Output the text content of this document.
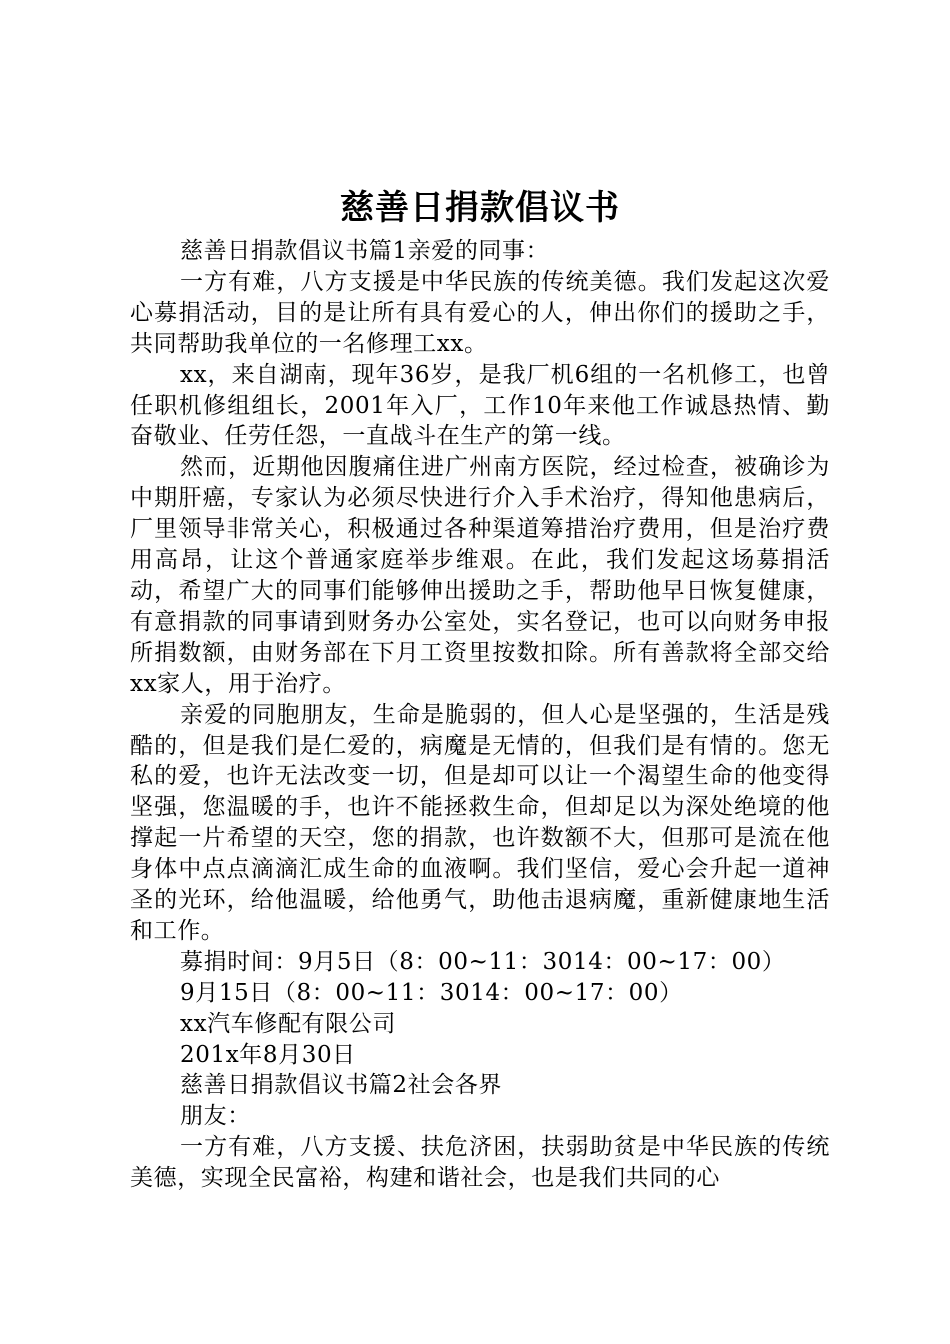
慈善日捐款倡议书

慈善日捐款倡议书篇1亲爱的同事：

一方有难，八方支援是中华民族的传统美德。我们发起这次爱心募捐活动，目的是让所有具有爱心的人，伸出你们的援助之手，共同帮助我单位的一名修理工xx。

xx，来自湖南，现年36岁，是我厂机6组的一名机修工，也曾任职机修组组长，2001年入厂，工作10年来他工作诚恳热情、勤奋敬业、任劳任怨，一直战斗在生产的第一线。

然而，近期他因腹痛住进广州南方医院，经过检查，被确诊为中期肝癌，专家认为必须尽快进行介入手术治疗，得知他患病后，厂里领导非常关心，积极通过各种渠道筹措治疗费用，但是治疗费用高昂，让这个普通家庭举步维艰。在此，我们发起这场募捐活动，希望广大的同事们能够伸出援助之手，帮助他早日恢复健康，有意捐款的同事请到财务办公室处，实名登记，也可以向财务申报所捐数额，由财务部在下月工资里按数扣除。所有善款将全部交给xx家人，用于治疗。

亲爱的同胞朋友，生命是脆弱的，但人心是坚强的，生活是残酷的，但是我们是仁爱的，病魔是无情的，但我们是有情的。您无私的爱，也许无法改变一切，但是却可以让一个渴望生命的他变得坚强，您温暖的手，也许不能拯救生命，但却足以为深处绝境的他撑起一片希望的天空，您的捐款，也许数额不大，但那可是流在他身体中点点滴滴汇成生命的血液啊。我们坚信，爱心会升起一道神圣的光环，给他温暖，给他勇气，助他击退病魔，重新健康地生活和工作。

募捐时间：9月5日（8：00~11：3014：00~17：00）

9月15日（8：00~11：3014：00~17：00）

xx汽车修配有限公司

201x年8月30日

慈善日捐款倡议书篇2社会各界

朋友：

一方有难，八方支援、扶危济困，扶弱助贫是中华民族的传统美德，实现全民富裕，构建和谐社会，也是我们共同的心
